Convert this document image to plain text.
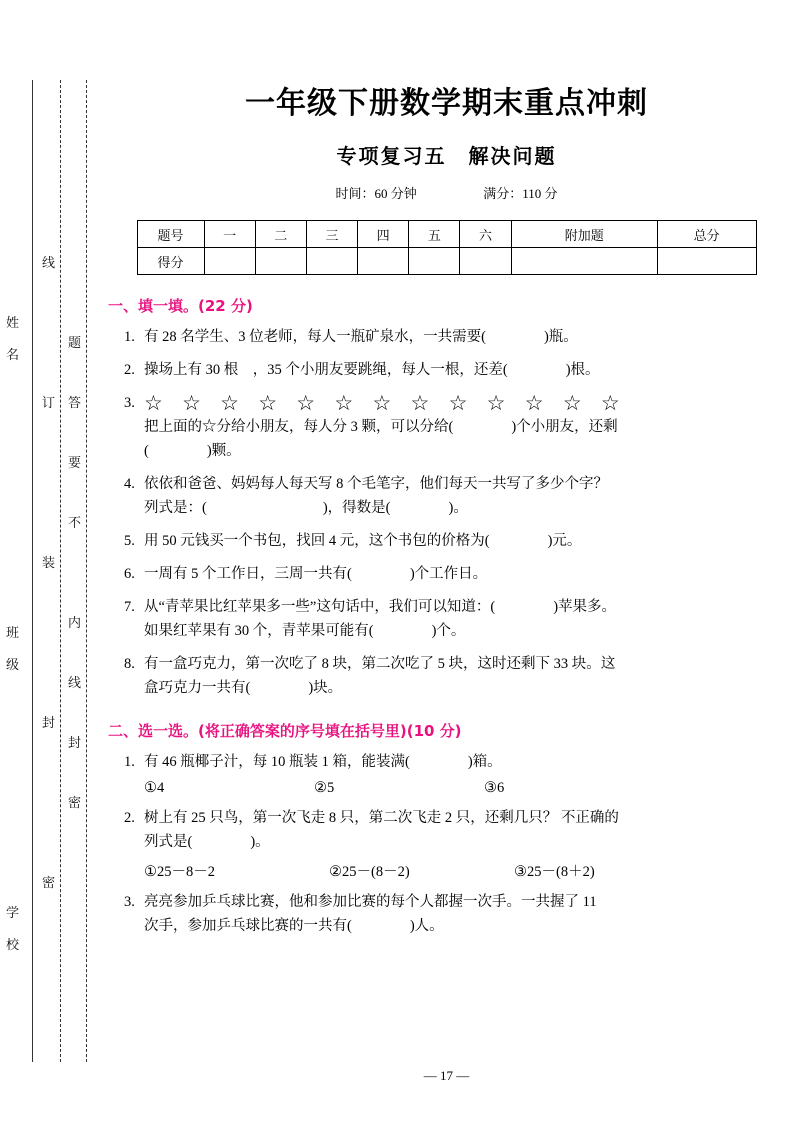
姓
名
班
级
学
校
线
订
装
封
密
题
答
要
不
内
线
封
密
一年级下册数学期末重点冲刺
专项复习五　解决问题
时间：60 分钟	满分：110 分
题号	一	二	三	四	五	六	附加题	总分
得分								
一、填一填。(22 分)
1. 有 28 名学生、3 位老师，每人一瓶矿泉水，一共需要(　　　　)瓶。
2. 操场上有 30 根　，35 个小朋友要跳绳，每人一根，还差(　　　　)根。
3. ☆ ☆ ☆ ☆ ☆ ☆ ☆ ☆ ☆ ☆ ☆ ☆ ☆
把上面的☆分给小朋友，每人分 3 颗，可以分给(　　　　)个小朋友，还剩
(　　　　)颗。
4. 依依和爸爸、妈妈每人每天写 8 个毛笔字，他们每天一共写了多少个字？
列式是：(　　　　　　　　)，得数是(　　　　)。
5. 用 50 元钱买一个书包，找回 4 元，这个书包的价格为(　　　　)元。
6. 一周有 5 个工作日，三周一共有(　　　　)个工作日。
7. 从“青苹果比红苹果多一些”这句话中，我们可以知道：(　　　　)苹果多。
如果红苹果有 30 个，青苹果可能有(　　　　)个。
8. 有一盒巧克力，第一次吃了 8 块，第二次吃了 5 块，这时还剩下 33 块。这
盒巧克力一共有(　　　　)块。
二、选一选。(将正确答案的序号填在括号里)(10 分)
1. 有 46 瓶椰子汁，每 10 瓶装 1 箱，能装满(　　　　)箱。
①4	②5	③6
2. 树上有 25 只鸟，第一次飞走 8 只，第二次飞走 2 只，还剩几只？ 不正确的
列式是(　　　　)。
①25－8－2	②25－(8－2)	③25－(8＋2)
3. 亮亮参加乒乓球比赛，他和参加比赛的每个人都握一次手。一共握了 11
次手，参加乒乓球比赛的一共有(　　　　)人。
— 17 —
